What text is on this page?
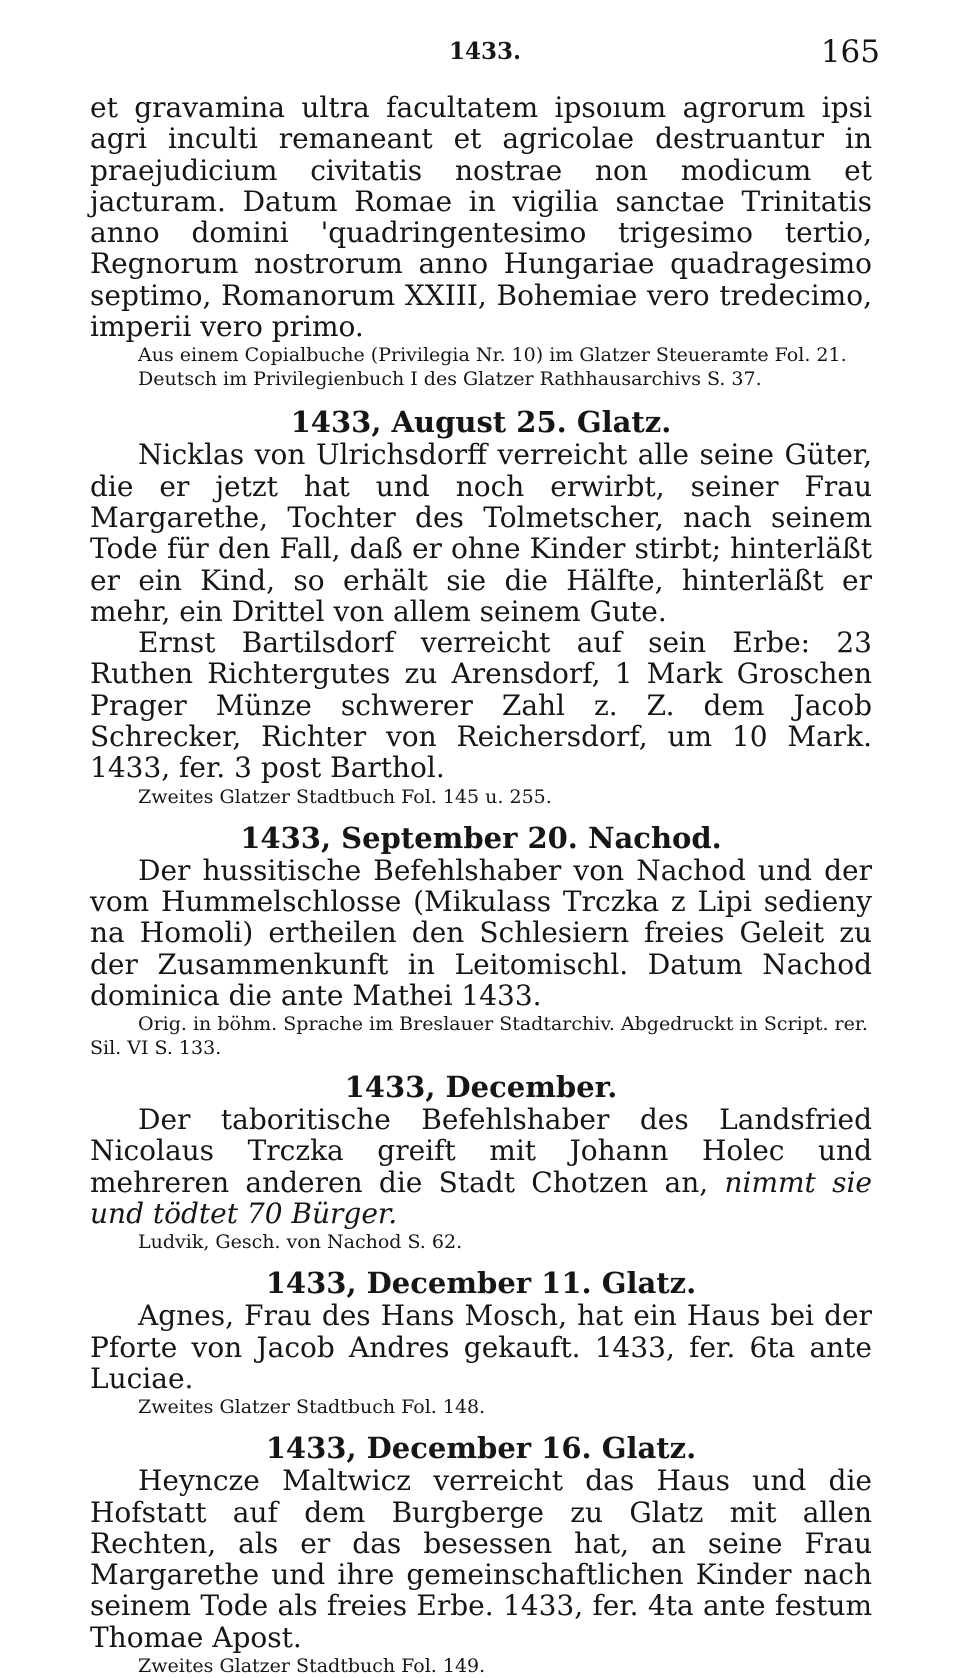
1433.	165

et gravamina ultra facultatem ipsoıum agrorum ipsi agri inculti remaneant et agricolae destruantur in praejudicium civitatis nostrae non modicum et jacturam. Datum Romae in vigilia sanctae Trinitatis anno domini 'quadringentesimo trigesimo tertio, Regnorum nostrorum anno Hungariae quadragesimo septimo, Romanorum XXIII, Bohemiae vero tredecimo, imperii vero primo.

Aus einem Copialbuche (Privilegia Nr. 10) im Glatzer Steueramte Fol. 21. Deutsch im Privilegienbuch I des Glatzer Rathhausarchivs S. 37.

1433, August 25. Glatz.

Nicklas von Ulrichsdorff verreicht alle seine Güter, die er jetzt hat und noch erwirbt, seiner Frau Margarethe, Tochter des Tolmetscher, nach seinem Tode für den Fall, daß er ohne Kinder stirbt; hinterläßt er ein Kind, so erhält sie die Hälfte, hinterläßt er mehr, ein Drittel von allem seinem Gute.

Ernst Bartilsdorf verreicht auf sein Erbe: 23 Ruthen Richtergutes zu Arensdorf, 1 Mark Groschen Prager Münze schwerer Zahl z. Z. dem Jacob Schrecker, Richter von Reichersdorf, um 10 Mark. 1433, fer. 3 post Barthol.

Zweites Glatzer Stadtbuch Fol. 145 u. 255.

1433, September 20. Nachod.

Der hussitische Befehlshaber von Nachod und der vom Hummelschlosse (Mikulass Trczka z Lipi sedieny na Homoli) ertheilen den Schlesiern freies Geleit zu der Zusammenkunft in Leitomischl. Datum Nachod dominica die ante Mathei 1433.

Orig. in böhm. Sprache im Breslauer Stadtarchiv. Abgedruckt in Script. rer. Sil. VI S. 133.

1433, December.

Der taboritische Befehlshaber des Landsfried Nicolaus Trczka greift mit Johann Holec und mehreren anderen die Stadt Chotzen an, nimmt sie und tödtet 70 Bürger.

Ludvik, Gesch. von Nachod S. 62.

1433, December 11. Glatz.

Agnes, Frau des Hans Mosch, hat ein Haus bei der Pforte von Jacob Andres gekauft. 1433, fer. 6ta ante Luciae.

Zweites Glatzer Stadtbuch Fol. 148.

1433, December 16. Glatz.

Heyncze Maltwicz verreicht das Haus und die Hofstatt auf dem Burgberge zu Glatz mit allen Rechten, als er das besessen hat, an seine Frau Margarethe und ihre gemeinschaftlichen Kinder nach seinem Tode als freies Erbe. 1433, fer. 4ta ante festum Thomae Apost.

Zweites Glatzer Stadtbuch Fol. 149.
